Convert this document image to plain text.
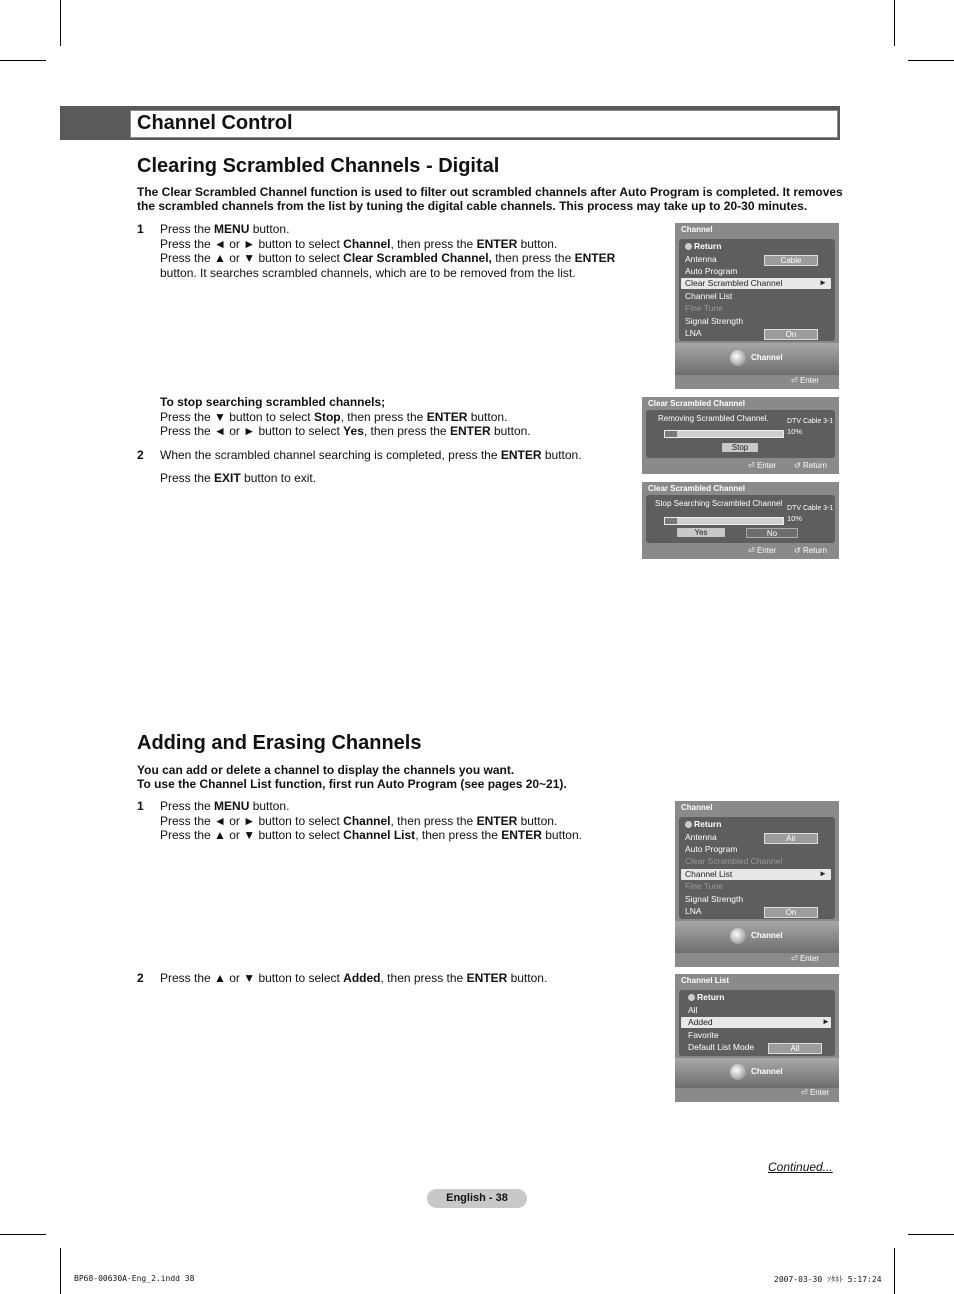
Channel Control
Clearing Scrambled Channels - Digital
The Clear Scrambled Channel function is used to filter out scrambled channels after Auto Program is completed. It removes
the scrambled channels from the list by tuning the digital cable channels. This process may take up to 20-30 minutes.
1 Press the MENU button.
Press the ◄ or ► button to select Channel, then press the ENTER button.
Press the ▲ or ▼ button to select Clear Scrambled Channel, then press the ENTER
button. It searches scrambled channels, which are to be removed from the list.
To stop searching scrambled channels;
Press the ▼ button to select Stop, then press the ENTER button.
Press the ◄ or ► button to select Yes, then press the ENTER button.
2 When the scrambled channel searching is completed, press the ENTER button.
Press the EXIT button to exit.
Channel
Return
Antenna	Cable
Auto Program
Clear Scrambled Channel	►
Channel List
Fine Tune
Signal Strength
LNA	On
Channel
⏎ Enter
Clear Scrambled Channel
Removing Scrambled Channel.	DTV Cable 3-1
10%
Stop
⏎ Enter ↺ Return
Clear Scrambled Channel
Stop Searching Scrambled Channel
DTV Cable 3-1
10%
Yes	No
⏎ Enter ↺ Return
Adding and Erasing Channels
You can add or delete a channel to display the channels you want.
To use the Channel List function, first run Auto Program (see pages 20~21).
1 Press the MENU button.
Press the ◄ or ► button to select Channel, then press the ENTER button.
Press the ▲ or ▼ button to select Channel List, then press the ENTER button.
2 Press the ▲ or ▼ button to select Added, then press the ENTER button.
Channel
Return
Antenna	Air
Auto Program
Clear Scrambled Channel
Channel List	►
Fine Tune
Signal Strength
LNA	On
Channel
⏎ Enter
Channel List
Return
All
Added	►
Favorite
Default List Mode	All
Channel
⏎ Enter
Continued...
English - 38
BP68-00630A-Eng_2.indd 38	2007-03-30 ｿﾀﾈﾄ 5:17:24
